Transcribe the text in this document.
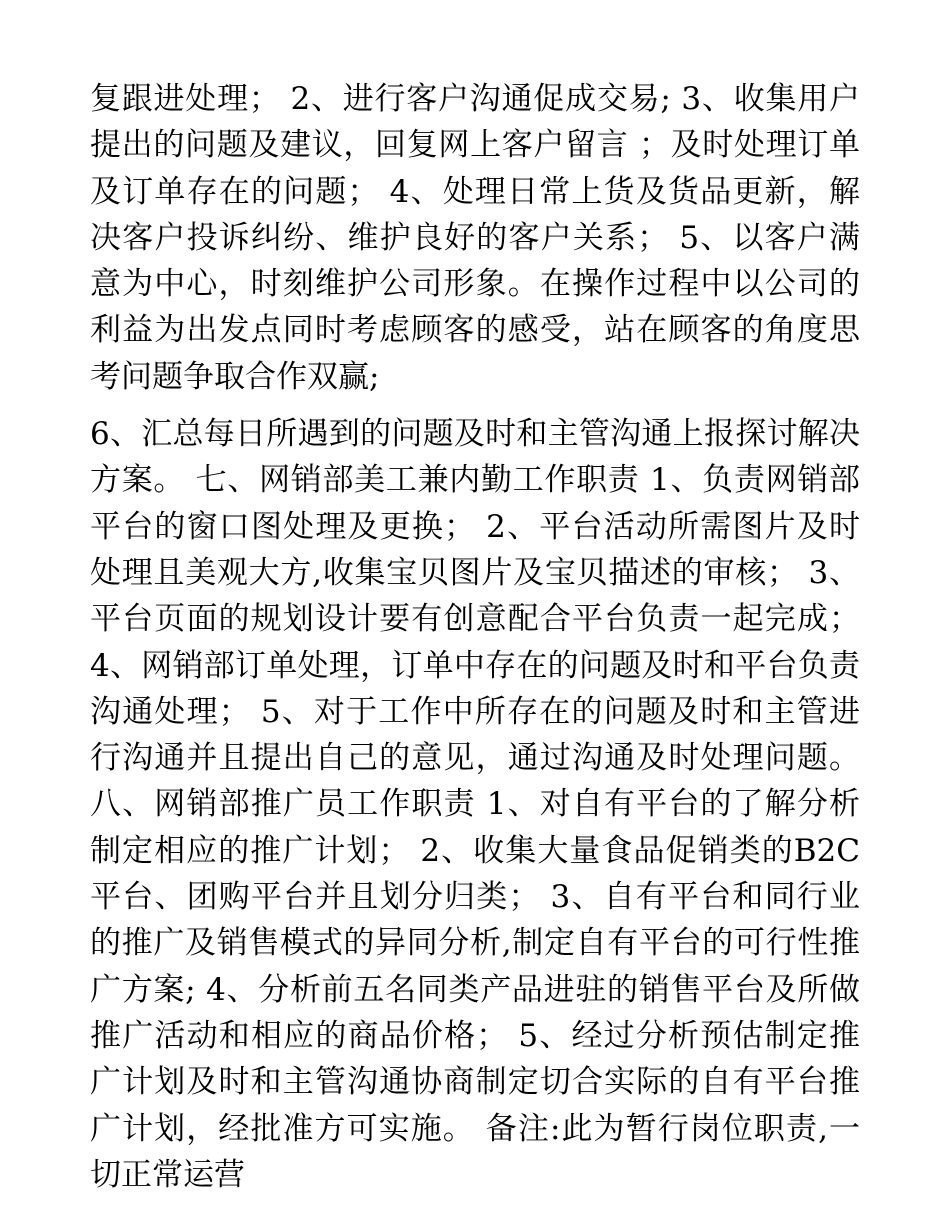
复跟进处理； 2、进行客户沟通促成交易; 3、收集用户提出的问题及建议，回复网上客户留言 ；及时处理订单及订单存在的问题； 4、处理日常上货及货品更新，解决客户投诉纠纷、维护良好的客户关系； 5、以客户满意为中心，时刻维护公司形象。在操作过程中以公司的利益为出发点同时考虑顾客的感受，站在顾客的角度思考问题争取合作双赢;

6、汇总每日所遇到的问题及时和主管沟通上报探讨解决方案。 七、网销部美工兼内勤工作职责 1、负责网销部平台的窗口图处理及更换； 2、平台活动所需图片及时处理且美观大方,收集宝贝图片及宝贝描述的审核； 3、平台页面的规划设计要有创意配合平台负责一起完成； 4、网销部订单处理，订单中存在的问题及时和平台负责沟通处理； 5、对于工作中所存在的问题及时和主管进行沟通并且提出自己的意见，通过沟通及时处理问题。 八、网销部推广员工作职责 1、对自有平台的了解分析制定相应的推广计划； 2、收集大量食品促销类的B2C平台、团购平台并且划分归类； 3、自有平台和同行业的推广及销售模式的异同分析,制定自有平台的可行性推广方案; 4、分析前五名同类产品进驻的销售平台及所做推广活动和相应的商品价格； 5、经过分析预估制定推广计划及时和主管沟通协商制定切合实际的自有平台推广计划，经批准方可实施。 备注:此为暂行岗位职责,一切正常运营
